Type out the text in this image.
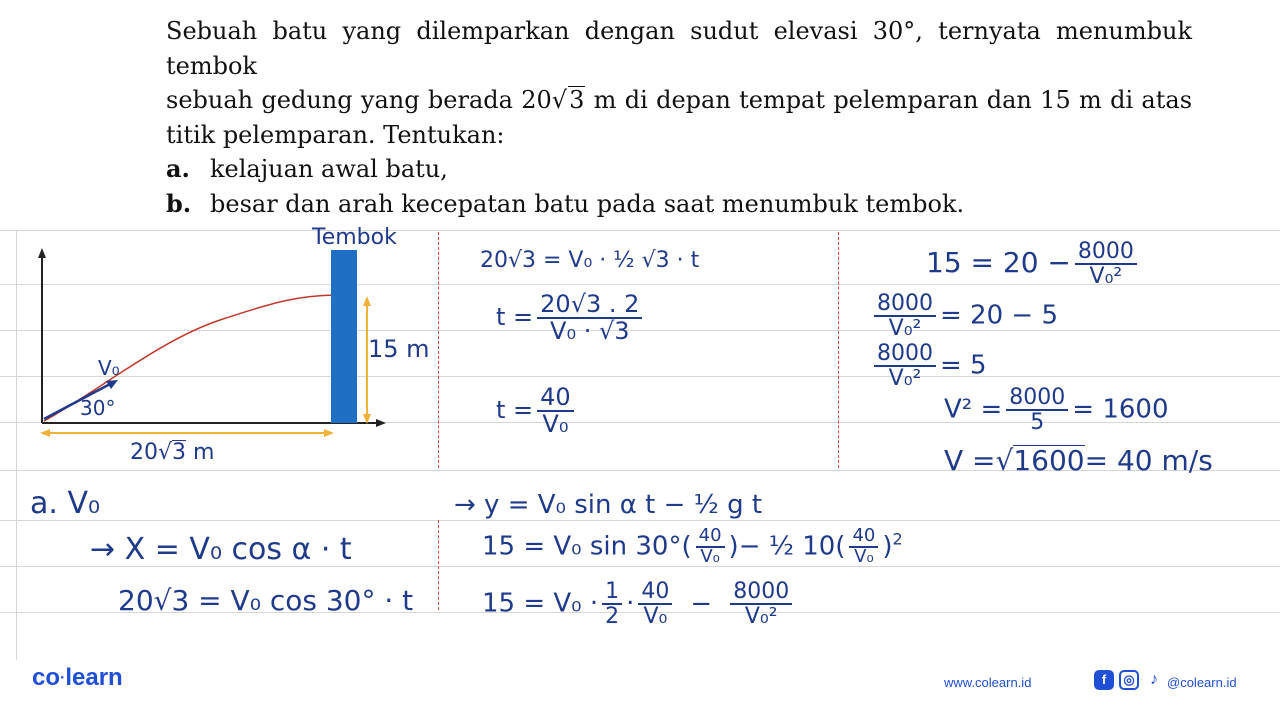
Sebuah batu yang dilemparkan dengan sudut elevasi 30°, ternyata menumbuk tembok

sebuah gedung yang berada 20√3 m di depan tempat pelemparan dan 15 m di atas

titik pelemparan. Tentukan:

a. kelajuan awal batu,
b. besar dan arah kecepatan batu pada saat menumbuk tembok.
Tembok
15 m
V₀
30°
20√3 m
20√3 = V₀ · ½ √3 · t
$t = \frac{20√3 . 2}{\text{V₀ · √3}}$
$t = \frac{40}{\text{V₀}}$
$15 = 20 - \frac{8000}{\text{V₀²}}$
$\frac{8000}{\text{V₀²}} = 20 - 5$
$\frac{8000}{\text{V₀²}} = 5$
$V^2 = \frac{8000}{5} = 1600$
V =√1600= 40 m/s
a. V₀
→ X = V₀ cos α · t
20√3 = V₀ cos 30° · t
→ y = V₀ sin α t − ½ g t
15 = V₀ $\sin 30^\circ( \frac{40}{\text{V₀}}$ )− ½ $10( \frac{40}{\text{V₀}} )^2$
$15 = V_0 \cdot \frac{1}{2} \cdot \frac{40}{\text{V₀}} - \frac{8000}{\text{V₀²}}$
co·learn	www.colearn.id	f	◎ ♪ @colearn.id
